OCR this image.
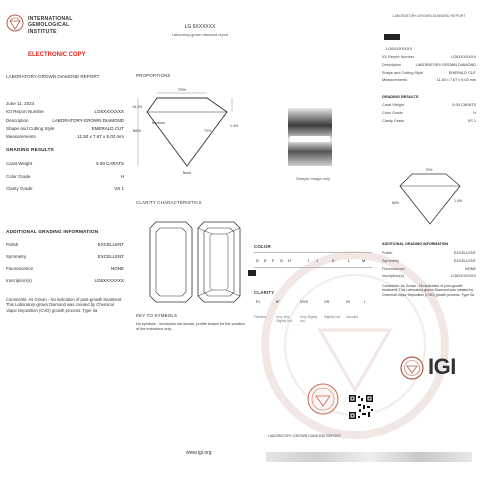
INTERNATIONAL
GEMOLOGICAL
INSTITUTE
ELECTRONIC COPY
LABORATORY-GROWN DIAMOND REPORT
June 11, 2024
IGI Report Number	LG6XXXXXXX
Description	LABORATORY-GROWN DIAMOND
Shape and Cutting Style	EMERALD CUT
Measurements	11.50 x 7.67 x 5.02 mm
GRADING RESULTS
Carat Weight	5.00 CARATS
Color Grade	H
Clarity Grade	VS 1
ADDITIONAL GRADING INFORMATION
Polish	EXCELLENT
Symmetry	EXCELLENT
Fluorescence	NONE
Inscription(s)	LG6XXXXXXX
Comments: As Grown - No indication of post-growth treatment. This Laboratory-grown Diamond was created by Chemical Vapor Deposition (CVD) growth process. Type IIa
LG 6XXXXXX
Laboratory-grown diamond report
PROPORTIONS
70%
66%
15.3%
1.4%
Medium
None
72%
Sample image only
CLARITY CHARACTERISTICS
COLOR
D E F G H	I J	K	L	M
CLARITY
FL	IF	VVS	VS	SI	I
Flawless	Very Very Slightly Incl.
Very Slightly Incl.
Slightly Incl.	Included
KEY TO SYMBOLS
No symbols - inclusions not shown, profile shown for the position of the inclusions only
www.igi.org
LABORATORY-GROWN DIAMOND REPORT
LG6XXXXXXX
IGI Report Number	LG6XXXXXXX
Description	LABORATORY-GROWN DIAMOND
Shape and Cutting Style	EMERALD CUT
Measurements	11.50 x 7.67 x 5.02 mm
GRADING RESULTS
Carat Weight	5.00 CARATS
Color Grade	H
Clarity Grade	VS 1
70%
66%	1.4%
ADDITIONAL GRADING INFORMATION
Polish	EXCELLENT
Symmetry	EXCELLENT
Fluorescence	NONE
Inscription(s)	LG6XXXXXXX
Comments: As Grown - No indication of post-growth treatment. This Laboratory-grown Diamond was created by Chemical Vapor Deposition (CVD) growth process. Type IIa
IGI
LABORATORY-GROWN DIAMOND REPORT
